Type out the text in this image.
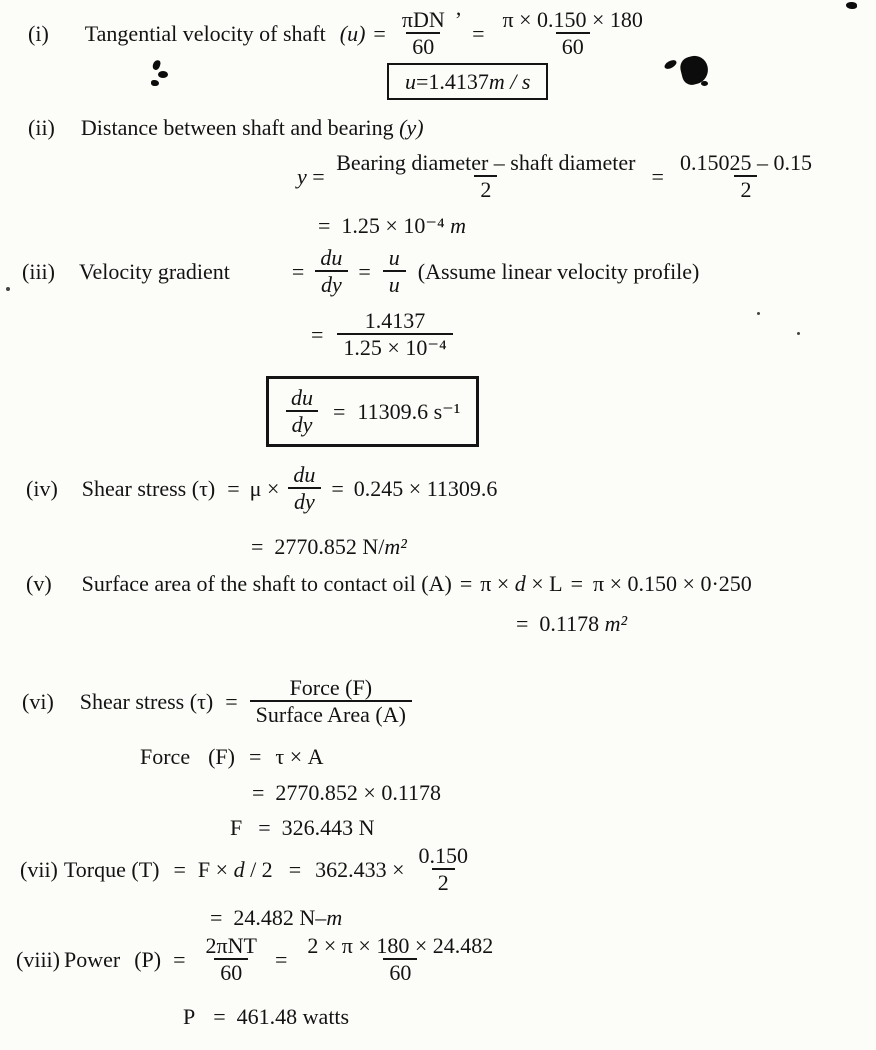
(i) Tangential velocity of shaft $(u) = \frac{\text{πDN}}{60}$ ’
= $\frac{\pi \times 0.150 \times 180}{60}$
u = 1.4137 m / s
(ii) Distance between shaft and bearing (y)
$y = \frac{\text{Bearing diameter – shaft diameter}}{2} = \frac{0.15025 - 0.15}{2}$
= 1.25 × 10⁻⁴ m
(iii) Velocity gradient	= $\frac{du}{dy} = \frac{u}{u}$ (Assume linear velocity profile)
= $\frac{1.4137}{\text{1.25 × 10⁻⁴}}$
$\frac{du}{dy} = 11309.6$ s⁻¹
(iv) Shear stress $(\tau) = \mu \times \frac{du}{dy} = 0.245 \times 11309.6$
= 2770.852 N/ m²
(v) Surface area of the shaft to contact oil (A) = π × d × L = π × 0.150 × 0·250
= 0.1178 m²
(vi) Shear stress $(\tau) = \frac{\text{Force (F)}}{\text{Surface Area (A)}}$
Force (F) = τ × A
= 2770.852 × 0.1178
F = 326.443 N
(vii) Torque $(T) = F \times d / 2 = 362.433 \times \frac{0.150}{2}$
= 24.482 N– m
(viii) Power $(P) = \frac{\text{2πNT}}{60} = \frac{2 \times \pi \times 180 \times 24.482}{60}$
P = 461.48 watts
